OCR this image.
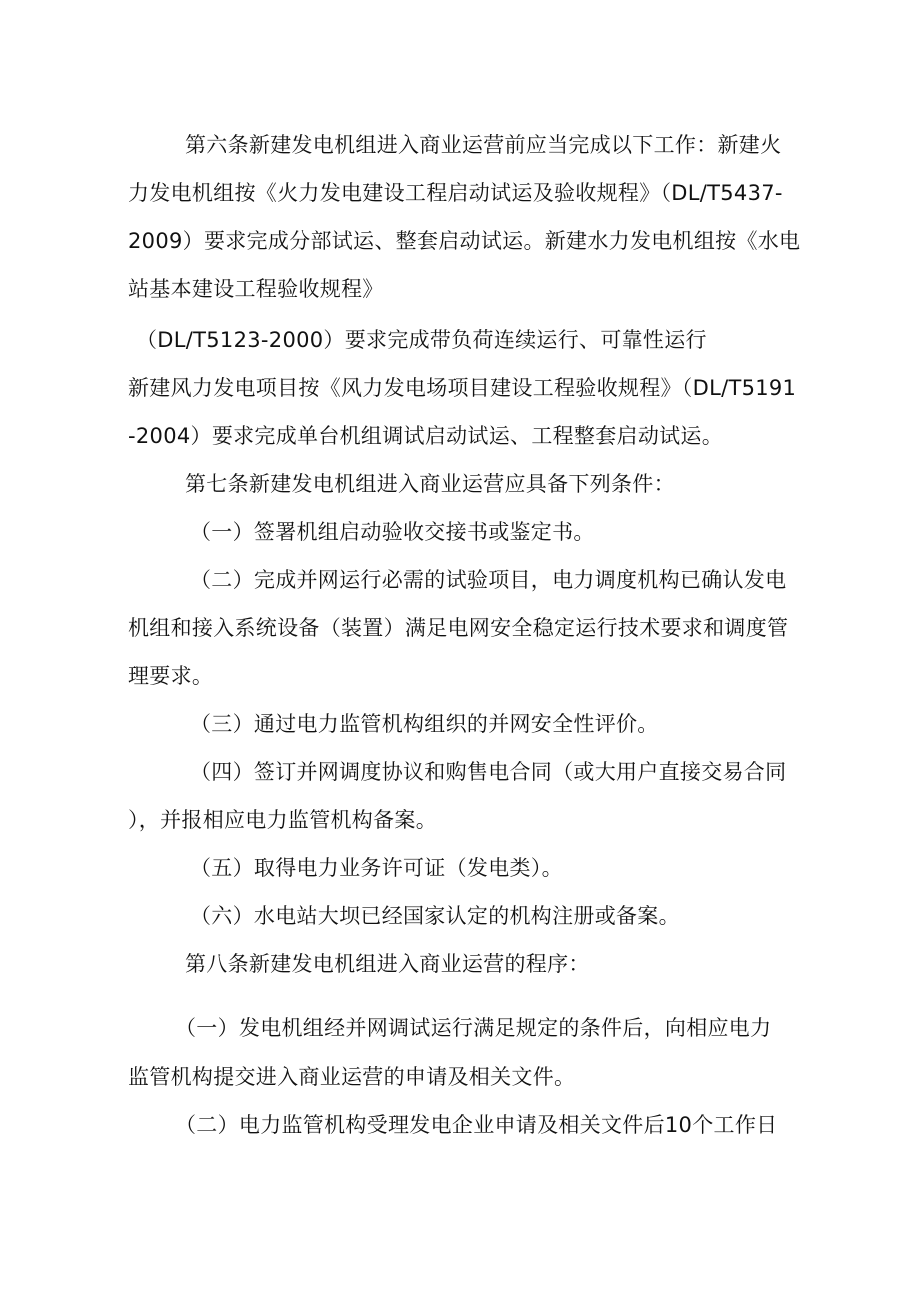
第六条新建发电机组进入商业运营前应当完成以下工作：新建火
力发电机组按《火力发电建设工程启动试运及验收规程》（DL/T5437-
2009）要求完成分部试运、整套启动试运。新建水力发电机组按《水电
站基本建设工程验收规程》
（DL/T5123-2000）要求完成带负荷连续运行、可靠性运行
新建风力发电项目按《风力发电场项目建设工程验收规程》（DL/T5191
-2004）要求完成单台机组调试启动试运、工程整套启动试运。
第七条新建发电机组进入商业运营应具备下列条件：
（一）签署机组启动验收交接书或鉴定书。
（二）完成并网运行必需的试验项目，电力调度机构已确认发电
机组和接入系统设备（装置）满足电网安全稳定运行技术要求和调度管
理要求。
（三）通过电力监管机构组织的并网安全性评价。
（四）签订并网调度协议和购售电合同（或大用户直接交易合同
），并报相应电力监管机构备案。
（五）取得电力业务许可证（发电类）。
（六）水电站大坝已经国家认定的机构注册或备案。
第八条新建发电机组进入商业运营的程序：
（一）发电机组经并网调试运行满足规定的条件后，向相应电力
监管机构提交进入商业运营的申请及相关文件。
（二）电力监管机构受理发电企业申请及相关文件后10个工作日
